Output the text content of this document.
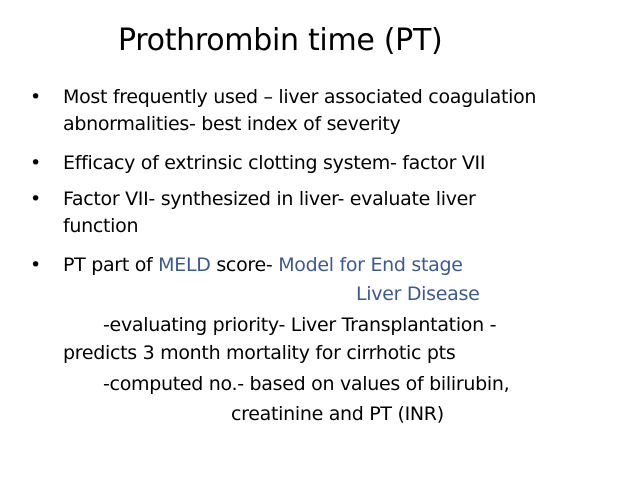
Prothrombin time (PT)
• Most frequently used – liver associated coagulation
abnormalities- best index of severity
• Efficacy of extrinsic clotting system- factor VII
• Factor VII- synthesized in liver- evaluate liver
function
• PT part of MELD score- Model for End stage
Liver Disease
-evaluating priority- Liver Transplantation -
predicts 3 month mortality for cirrhotic pts
-computed no.- based on values of bilirubin,
creatinine and PT (INR)
